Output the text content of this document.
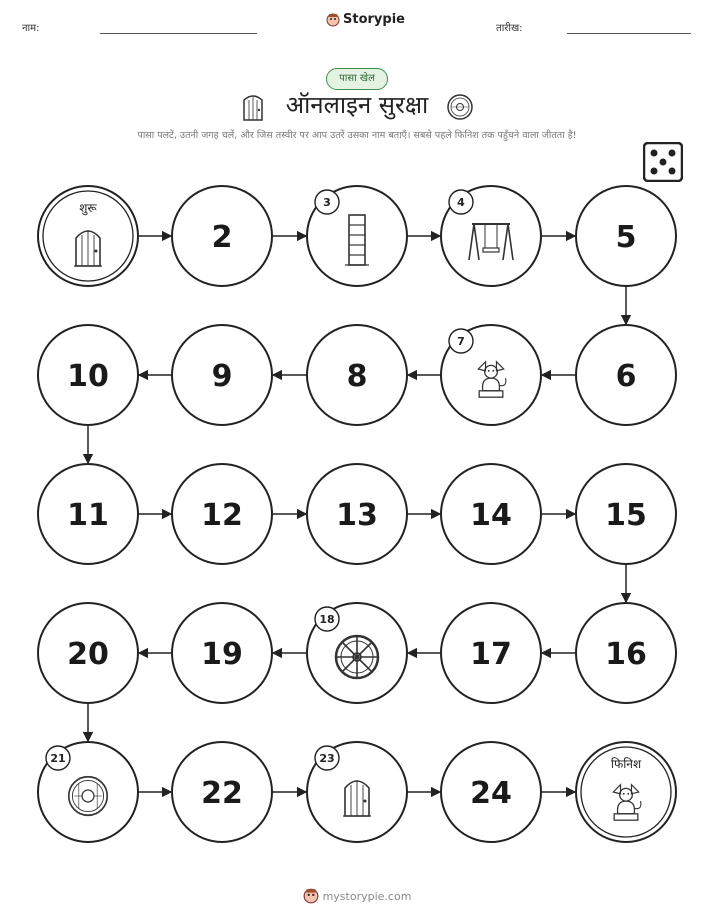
नाम:
Storypie
तारीख:
पासा खेल
ऑनलाइन सुरक्षा
पासा पलटें, उतनी जगह चलें, और जिस तस्वीर पर आप उतरें उसका नाम बताएँ। सबसे पहले फिनिश तक पहुँचने वाला जीतता है!
शुरू
2
3	4
5
10	9	8
7
6
11	12	13	14	15
20	19
18
17	16
21
22
23
24
फिनिश
mystorypie.com
